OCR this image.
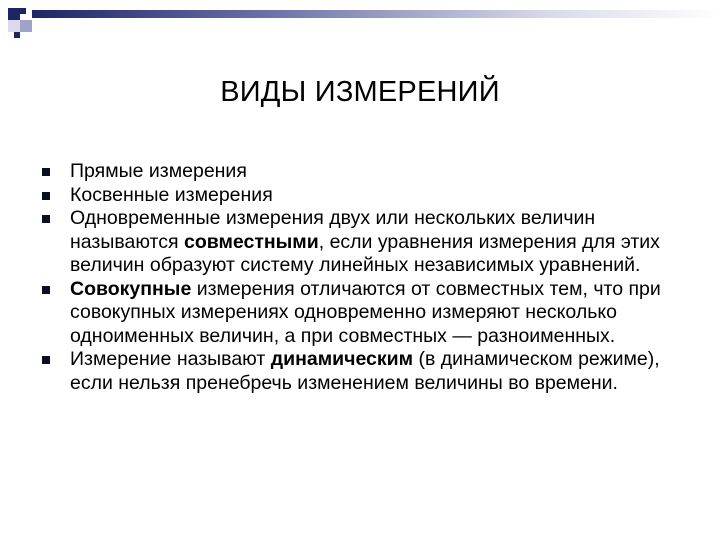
ВИДЫ ИЗМЕРЕНИЙ
Прямые измерения
Косвенные измерения
Одновременные измерения двух или нескольких величин называются совместными, если уравнения измерения для этих величин образуют систему линейных независимых уравнений.
Совокупные измерения отличаются от совместных тем, что при совокупных измерениях одновременно измеряют несколько одноименных величин, а при совместных — разноименных.
Измерение называют динамическим (в динамическом режиме), если нельзя пренебречь изменением величины во времени.
